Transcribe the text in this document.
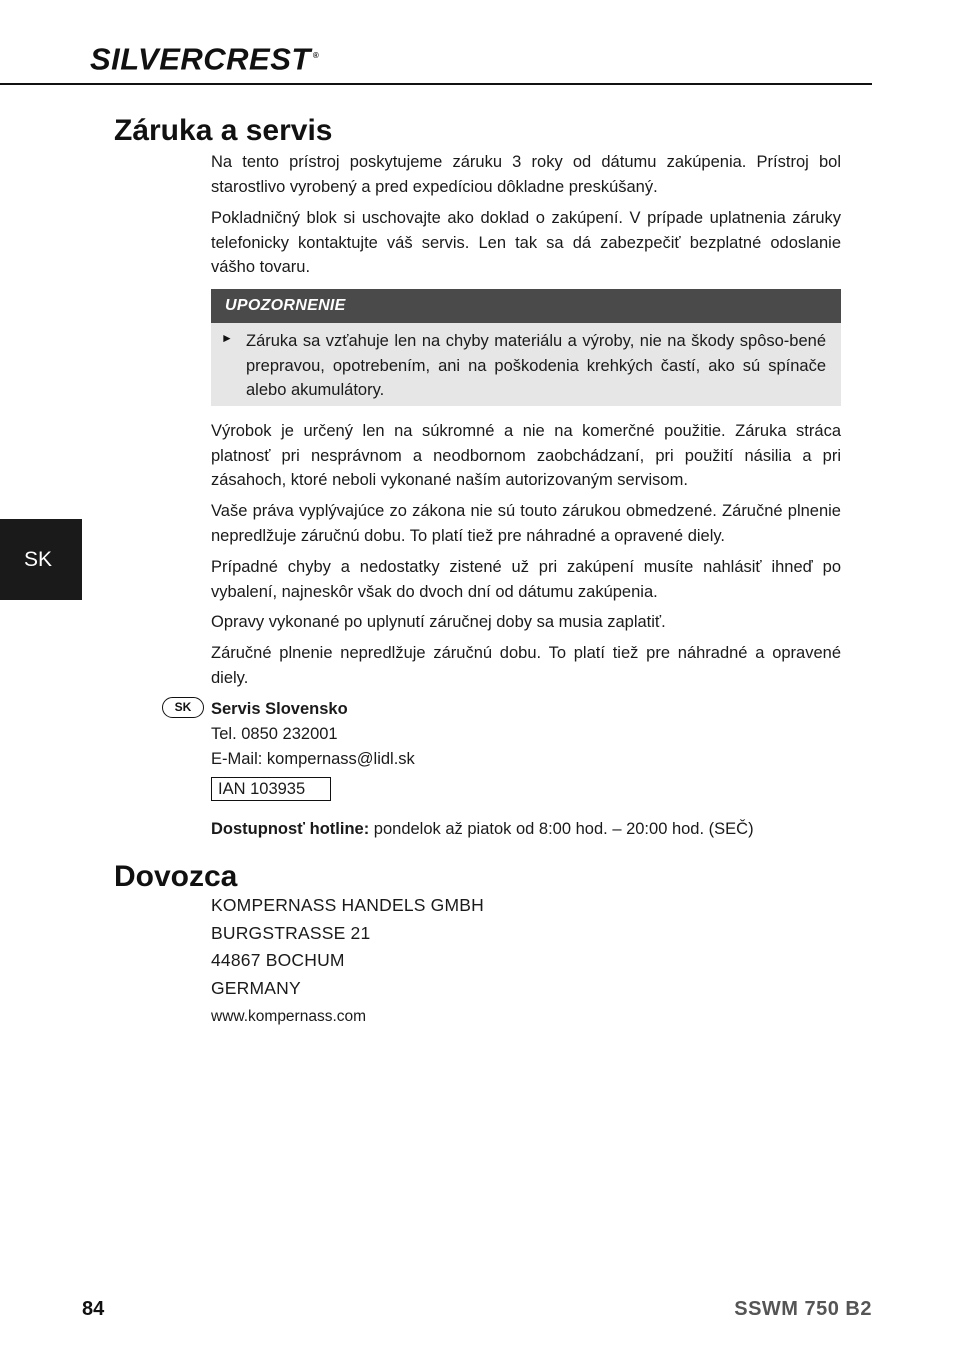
SILVERCREST ®
Záruka a servis

Na tento prístroj poskytujeme záruku 3 roky od dátumu zakúpenia. Prístroj bol starostlivo vyrobený a pred expedíciou dôkladne preskúšaný.

Pokladničný blok si uschovajte ako doklad o zakúpení. V prípade uplatnenia záruky telefonicky kontaktujte váš servis. Len tak sa dá zabezpečiť bezplatné odoslanie vášho tovaru.

UPOZORNENIE
► Záruka sa vzťahuje len na chyby materiálu a výroby, nie na škody spôso-bené prepravou, opotrebením, ani na poškodenia krehkých častí, ako sú spínače alebo akumulátory.

Výrobok je určený len na súkromné a nie na komerčné použitie. Záruka stráca platnosť pri nesprávnom a neodbornom zaobchádzaní, pri použití násilia a pri zásahoch, ktoré neboli vykonané naším autorizovaným servisom.

Vaše práva vyplývajúce zo zákona nie sú touto zárukou obmedzené. Záručné plnenie nepredlžuje záručnú dobu. To platí tiež pre náhradné a opravené diely.

Prípadné chyby a nedostatky zistené už pri zakúpení musíte nahlásiť ihneď po vybalení, najneskôr však do dvoch dní od dátumu zakúpenia.

Opravy vykonané po uplynutí záručnej doby sa musia zaplatiť.

Záručné plnenie nepredlžuje záručnú dobu. To platí tiež pre náhradné a opravené diely.

SK
SK	Servis Slovensko

Tel. 0850 232001

E-Mail: kompernass@lidl.sk

IAN 103935

Dostupnosť hotline: pondelok až piatok od 8:00 hod. – 20:00 hod. (SEČ)

Dovozca

KOMPERNASS HANDELS GMBH

BURGSTRASSE 21

44867 BOCHUM

GERMANY

www.kompernass.com

84	SSWM 750 B2
